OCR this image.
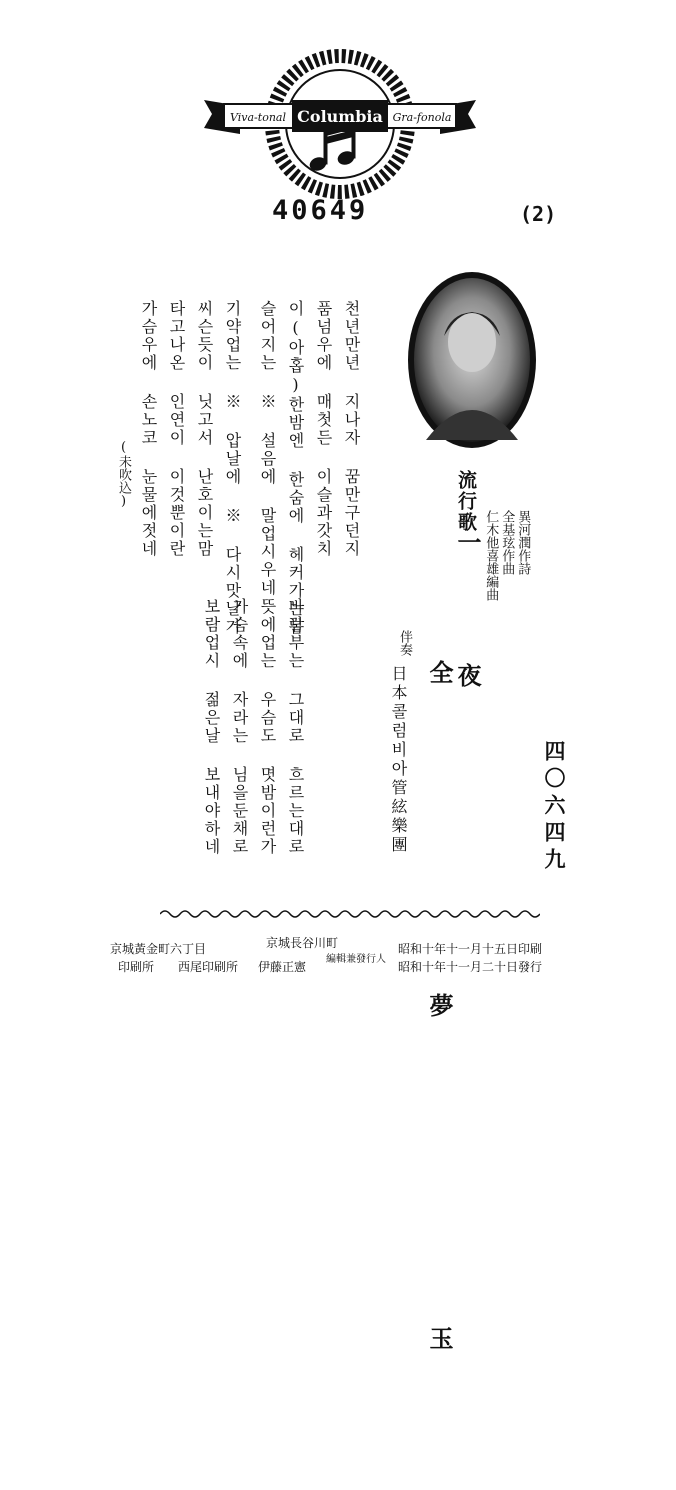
Columbia
Viva-tonal	Gra-fonola
40649	(2)
천년만년 지나자 꿈만구던지
품넘우에 매첫든 이슬과갓치
이(아홉)한밤엔 한숨에 헤커가는봄
슬어지는 ※ 설음에 말업시우네
기약업는 ※ 압날에 ※ 다시맛날가
씨슨듯이 닛고서 난호이는맘
타고나온 인연이 이것뿐이란
가슴우에 손노코 눈물에젓네
(未吹込)
바람부는 그대로 흐르는대로
뜻에업는 우슴도 몃밤이런가
가슴속에 자라는 님을둔채로
보람업시 젊은날 보내야하네
流行歌
一 夜
全 夢 玉
伴奏
日本콜럼비아管絃樂團
異河潤作詩
全基玹作曲
仁木他喜雄編曲
四〇六四九
昭和十年十一月十五日印刷
昭和十年十一月二十日發行
京城長谷川町
編輯兼發行人
伊藤正憲
京城黃金町六丁目
西尾印刷所
印刷所
